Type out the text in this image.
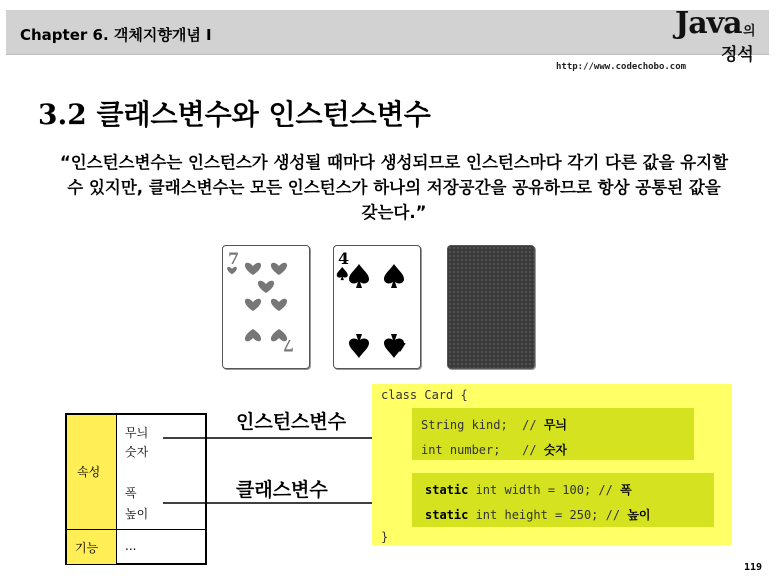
Chapter 6. 객체지향개념 I	Java 의
정석
http://www.codechobo.com
3.2 클래스변수와 인스턴스변수
“인스턴스변수는 인스턴스가 생성될 때마다 생성되므로 인스턴스마다 각기 다른 값을 유지할 수 있지만, 클래스변수는 모든 인스턴스가 하나의 저장공간을 공유하므로 항상 공통된 값을 갖는다.”
7
7
4
4
속성
무늬
숫자
폭
높이
기능 ...
인스턴스변수
클래스변수
class Card {
String kind;  // 무늬
int number;   // 숫자
static int width = 100; // 폭
static int height = 250; // 높이
}
119
